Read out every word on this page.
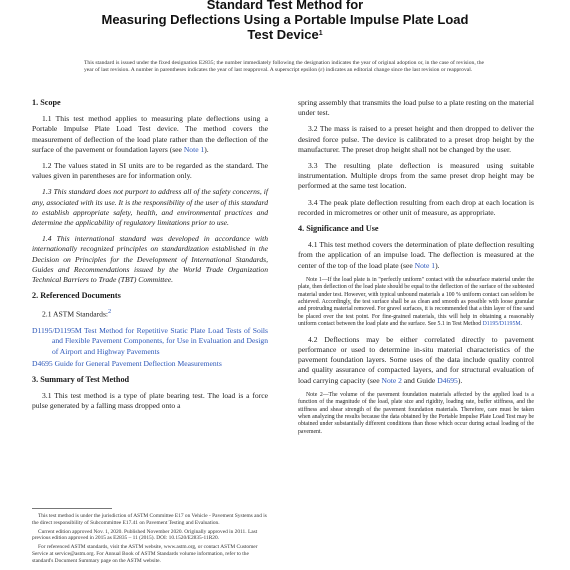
Standard Test Method for
Measuring Deflections Using a Portable Impulse Plate Load
Test Device$^1$
This standard is issued under the fixed designation E2835; the number immediately following the designation indicates the year of original adoption or, in the case of revision, the year of last revision. A number in parentheses indicates the year of last reapproval. A superscript epsilon (ε) indicates an editorial change since the last revision or reapproval.
1. Scope

1.1 This test method applies to measuring plate deflections using a Portable Impulse Plate Load Test device. The method covers the measurement of deflection of the load plate rather than the deflection of the surface of the pavement or foundation layers (see Note 1).

1.2 The values stated in SI units are to be regarded as the standard. The values given in parentheses are for information only.

1.3 This standard does not purport to address all of the safety concerns, if any, associated with its use. It is the responsibility of the user of this standard to establish appropriate safety, health, and environmental practices and determine the applicability of regulatory limitations prior to use.

1.4 This international standard was developed in accordance with internationally recognized principles on standardization established in the Decision on Principles for the Development of International Standards, Guides and Recommendations issued by the World Trade Organization Technical Barriers to Trade (TBT) Committee.

2. Referenced Documents

2.1 ASTM Standards:$^2$

D1195/D1195M Test Method for Repetitive Static Plate Load Tests of Soils and Flexible Pavement Components, for Use in Evaluation and Design of Airport and Highway Pavements
D4695 Guide for General Pavement Deflection Measurements
3. Summary of Test Method

3.1 This test method is a type of plate bearing test. The load is a force pulse generated by a falling mass dropped onto a

This test method is under the jurisdiction of ASTM Committee E17 on Vehicle - Pavement Systems and is the direct responsibility of Subcommittee E17.41 on Pavement Testing and Evaluation.
Current edition approved Nov. 1, 2020. Published November 2020. Originally approved in 2011. Last previous edition approved in 2015 as E2835 – 11 (2015). DOI: 10.1520/E2835-11R20.
For referenced ASTM standards, visit the ASTM website, www.astm.org, or contact ASTM Customer Service at service@astm.org. For Annual Book of ASTM Standards volume information, refer to the standard's Document Summary page on the ASTM website.

spring assembly that transmits the load pulse to a plate resting on the material under test.

3.2 The mass is raised to a preset height and then dropped to deliver the desired force pulse. The device is calibrated to a preset drop height by the manufacturer. The preset drop height shall not be changed by the user.

3.3 The resulting plate deflection is measured using suitable instrumentation. Multiple drops from the same preset drop height may be performed at the same test location.

3.4 The peak plate deflection resulting from each drop at each location is recorded in micrometres or other unit of measure, as appropriate.

4. Significance and Use

4.1 This test method covers the determination of plate deflection resulting from the application of an impulse load. The deflection is measured at the center of the top of the load plate (see Note 1).

Note 1—If the load plate is in "perfectly uniform" contact with the subsurface material under the plate, then deflection of the load plate should be equal to the deflection of the surface of the subtested material under test. However, with typical unbound materials a 100 % uniform contact can seldom be achieved. Accordingly, the test surface shall be as clean and smooth as possible with loose granular and protruding material removed. For gravel surfaces, it is recommended that a thin layer of fine sand be placed over the test point. For fine-grained materials, this will help in obtaining a reasonably uniform contact between the load plate and the surface. See 5.1 in Test Method D1195/D1195M.

4.2 Deflections may be either correlated directly to pavement performance or used to determine in-situ material characteristics of the pavement foundation layers. Some uses of the data include quality control and quality assurance of compacted layers, and for structural evaluation of load carrying capacity (see Note 2 and Guide D4695).

Note 2—The volume of the pavement foundation materials affected by the applied load is a function of the magnitude of the load, plate size and rigidity, loading rate, buffer stiffness, and the stiffness and shear strength of the pavement foundation materials. Therefore, care must be taken when analyzing the results because the data obtained by the Portable Impulse Plate Load Test may be obtained under substantially different conditions than those which occur during actual loading of the pavement.
